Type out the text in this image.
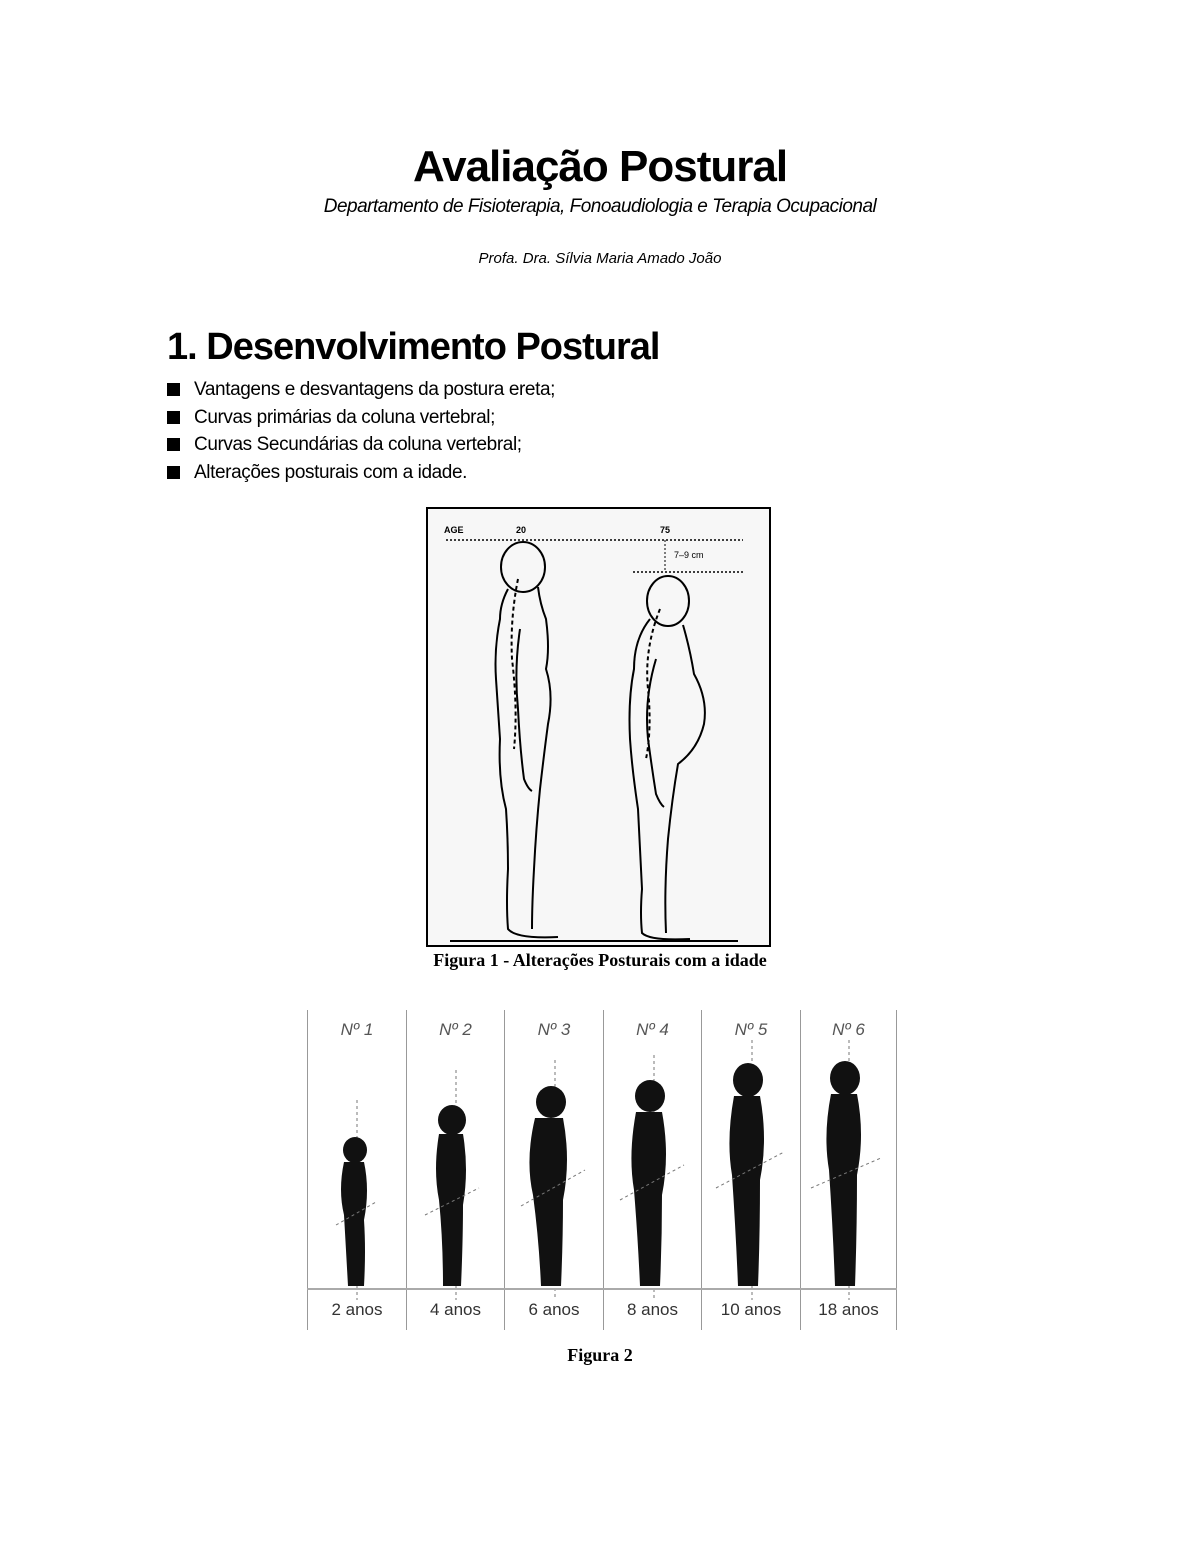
Avaliação Postural
Departamento de Fisioterapia, Fonoaudiologia e Terapia Ocupacional
Profa. Dra. Sílvia Maria Amado João
1. Desenvolvimento Postural
Vantagens e desvantagens da postura ereta;
Curvas primárias da coluna vertebral;
Curvas Secundárias da coluna vertebral;
Alterações posturais com a idade.
AGE	20	75
7–9 cm
Figura 1 - Alterações Posturais com a idade
Nº 1
2 anos
Nº 2
4 anos
Nº 3
6 anos
Nº 4
8 anos
Nº 5
10 anos
Nº 6
18 anos
Figura 2
